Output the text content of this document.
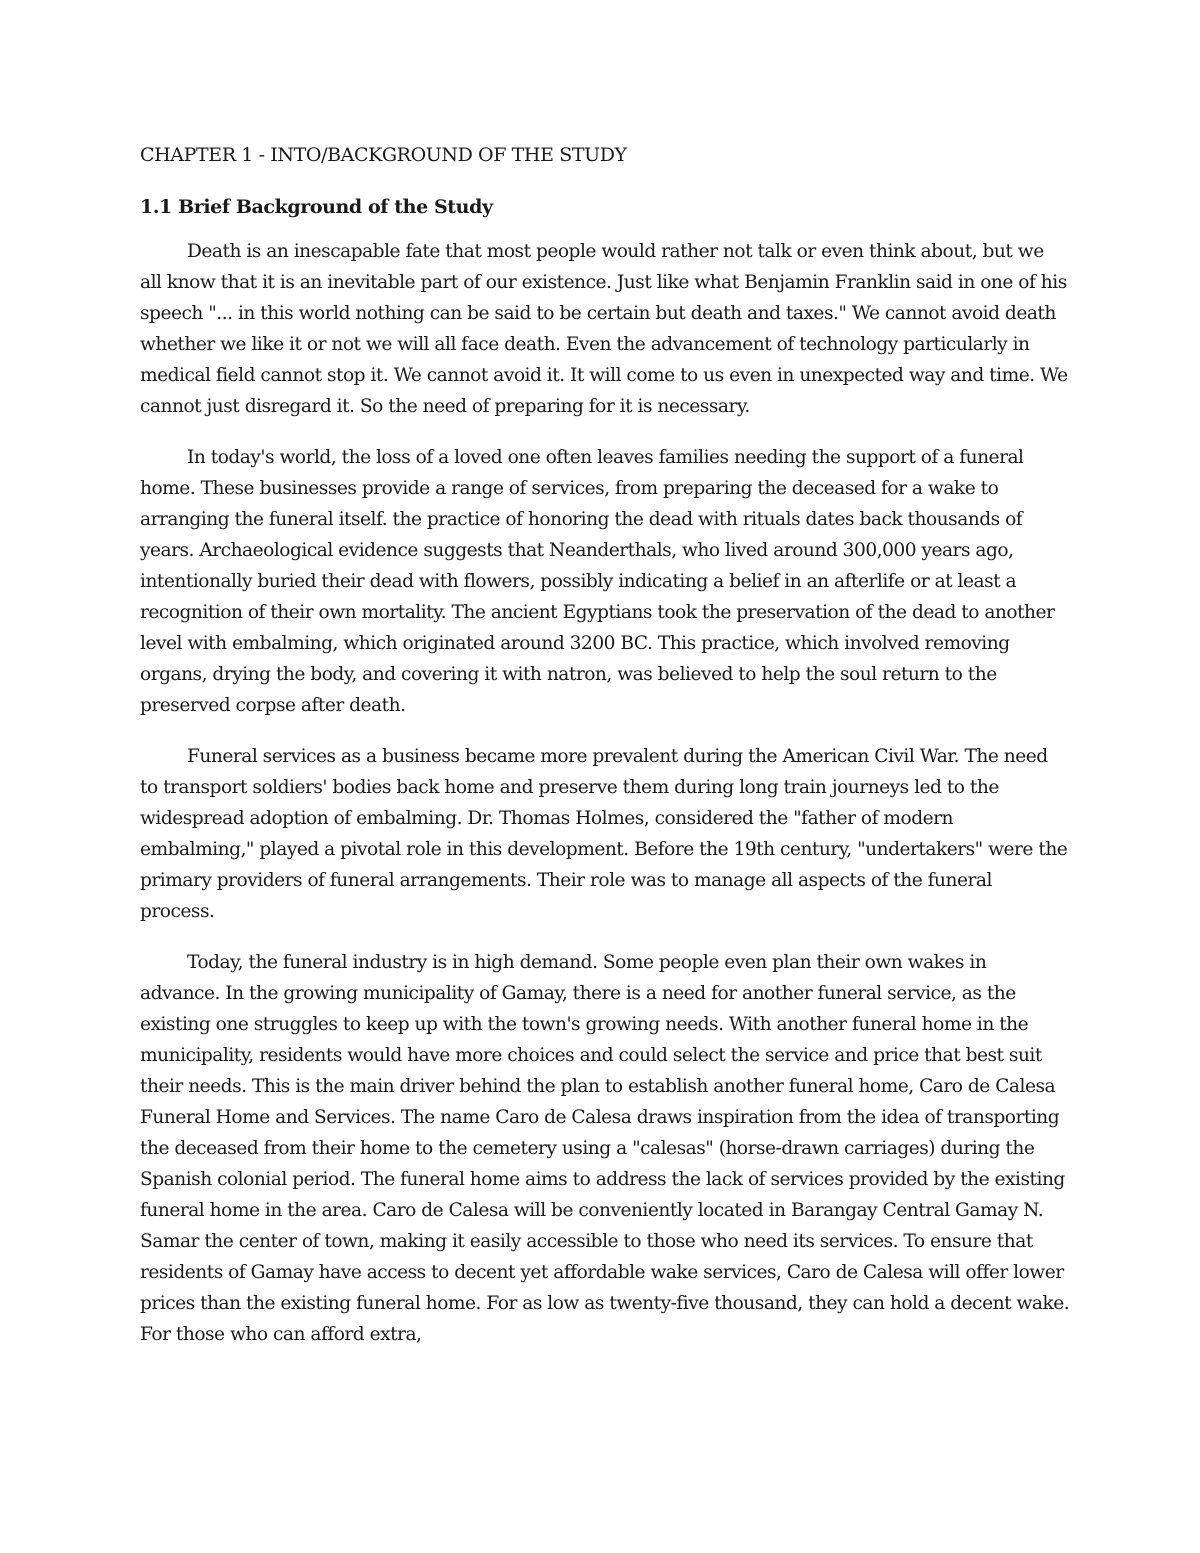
CHAPTER 1 - INTO/BACKGROUND OF THE STUDY
1.1 Brief Background of the Study

Death is an inescapable fate that most people would rather not talk or even think about, but we all know that it is an inevitable part of our existence. Just like what Benjamin Franklin said in one of his speech "... in this world nothing can be said to be certain but death and taxes." We cannot avoid death whether we like it or not we will all face death. Even the advancement of technology particularly in medical field cannot stop it. We cannot avoid it. It will come to us even in unexpected way and time. We cannot just disregard it. So the need of preparing for it is necessary.

In today's world, the loss of a loved one often leaves families needing the support of a funeral home. These businesses provide a range of services, from preparing the deceased for a wake to arranging the funeral itself. the practice of honoring the dead with rituals dates back thousands of years. Archaeological evidence suggests that Neanderthals, who lived around 300,000 years ago, intentionally buried their dead with flowers, possibly indicating a belief in an afterlife or at least a recognition of their own mortality. The ancient Egyptians took the preservation of the dead to another level with embalming, which originated around 3200 BC. This practice, which involved removing organs, drying the body, and covering it with natron, was believed to help the soul return to the preserved corpse after death.

Funeral services as a business became more prevalent during the American Civil War. The need to transport soldiers' bodies back home and preserve them during long train journeys led to the widespread adoption of embalming. Dr. Thomas Holmes, considered the "father of modern embalming," played a pivotal role in this development. Before the 19th century, "undertakers" were the primary providers of funeral arrangements. Their role was to manage all aspects of the funeral process.

Today, the funeral industry is in high demand. Some people even plan their own wakes in advance. In the growing municipality of Gamay, there is a need for another funeral service, as the existing one struggles to keep up with the town's growing needs. With another funeral home in the municipality, residents would have more choices and could select the service and price that best suit their needs. This is the main driver behind the plan to establish another funeral home, Caro de Calesa Funeral Home and Services. The name Caro de Calesa draws inspiration from the idea of transporting the deceased from their home to the cemetery using a "calesas" (horse-drawn carriages) during the Spanish colonial period. The funeral home aims to address the lack of services provided by the existing funeral home in the area. Caro de Calesa will be conveniently located in Barangay Central Gamay N. Samar the center of town, making it easily accessible to those who need its services. To ensure that residents of Gamay have access to decent yet affordable wake services, Caro de Calesa will offer lower prices than the existing funeral home. For as low as twenty-five thousand, they can hold a decent wake. For those who can afford extra,
